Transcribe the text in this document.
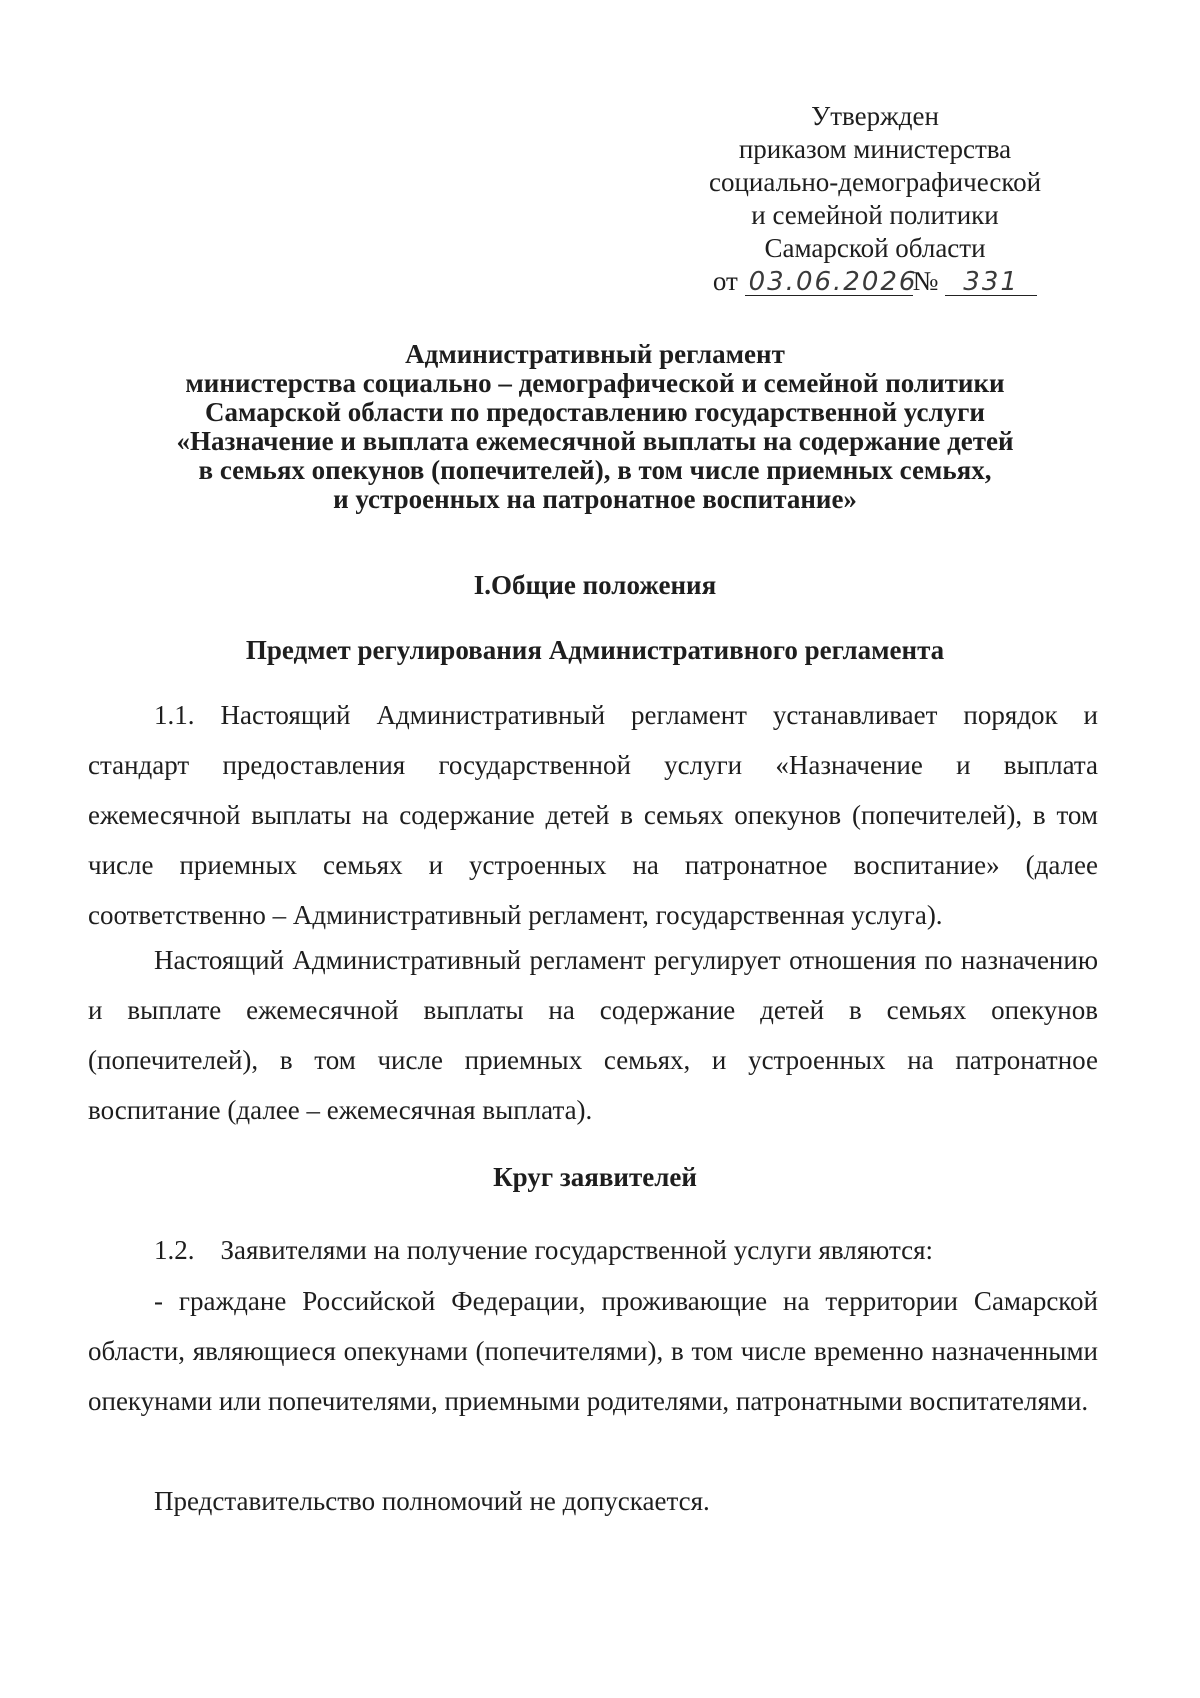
Утвержден
приказом министерства
социально-демографической
и семейной политики
Самарской области
от 03.06.2026№ 331
Административный регламент
министерства социально – демографической и семейной политики
Самарской области по предоставлению государственной услуги
«Назначение и выплата ежемесячной выплаты на содержание детей
в семьях опекунов (попечителей), в том числе приемных семьях,
и устроенных на патронатное воспитание»
I.Общие положения
Предмет регулирования Административного регламента
1.1. Настоящий Административный регламент устанавливает порядок и стандарт предоставления государственной услуги «Назначение и выплата ежемесячной выплаты на содержание детей в семьях опекунов (попечителей), в том числе приемных семьях и устроенных на патронатное воспитание» (далее соответственно – Административный регламент, государственная услуга).
Настоящий Административный регламент регулирует отношения по назначению и выплате ежемесячной выплаты на содержание детей в семьях опекунов (попечителей), в том числе приемных семьях, и устроенных на патронатное воспитание (далее – ежемесячная выплата).
Круг заявителей
1.2. Заявителями на получение государственной услуги являются:
- граждане Российской Федерации, проживающие на территории Самарской области, являющиеся опекунами (попечителями), в том числе временно назначенными опекунами или попечителями, приемными родителями, патронатными воспитателями.
Представительство полномочий не допускается.
